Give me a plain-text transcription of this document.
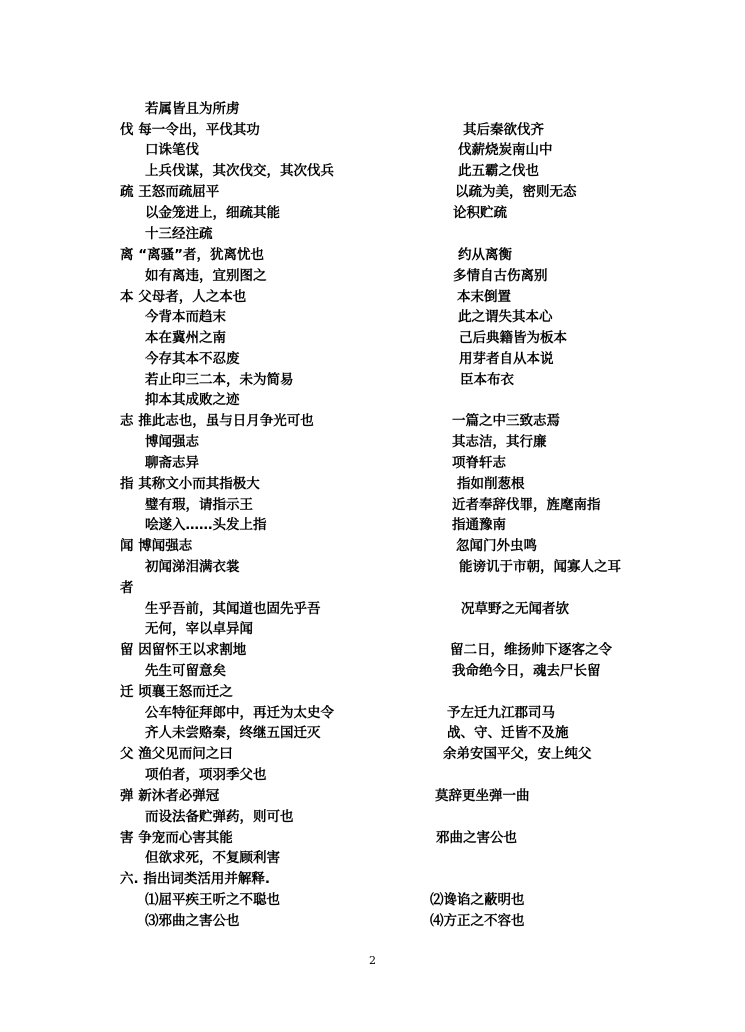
若属皆且为所虏
伐 每一令出，平伐其功	其后秦欲伐齐
口诛笔伐	伐薪烧炭南山中
上兵伐谋，其次伐交，其次伐兵	此五霸之伐也
疏 王怒而疏屈平	以疏为美，密则无态
以金笼进上，细疏其能	论积贮疏
十三经注疏
离 “离骚”者，犹离忧也	约从离衡
如有离违，宜别图之	多情自古伤离别
本 父母者，人之本也	本末倒置
今背本而趋末	此之谓失其本心
本在冀州之南	己后典籍皆为板本
今存其本不忍废	用芽者自从本说
若止印三二本，未为简易	臣本布衣
抑本其成败之迹
志 推此志也，虽与日月争光可也	一篇之中三致志焉
博闻强志	其志洁，其行廉
聊斋志异	项脊轩志
指 其称文小而其指极大	指如削葱根
璧有瑕，请指示王	近者奉辞伐罪，旌麾南指
哙遂入……头发上指	指通豫南
闻 博闻强志	忽闻门外虫鸣
初闻涕泪满衣裳	能谤讥于市朝，闻寡人之耳
者
生乎吾前，其闻道也固先乎吾	况草野之无闻者欤
无何，宰以卓异闻
留 因留怀王以求割地	留二日，维扬帅下逐客之令
先生可留意矣	我命绝今日，魂去尸长留
迁 顷襄王怒而迁之
公车特征拜郎中，再迁为太史令	予左迁九江郡司马
齐人未尝赂秦，终继五国迁灭	战、守、迁皆不及施
父 渔父见而问之曰	余弟安国平父，安上纯父
项伯者，项羽季父也
弹 新沐者必弹冠	莫辞更坐弹一曲
而设法备贮弹药，则可也
害 争宠而心害其能	邪曲之害公也
但欲求死，不复顾利害
六. 指出词类活用并解释.
⑴屈平疾王听之不聪也	⑵谗谄之蔽明也
⑶邪曲之害公也	⑷方正之不容也
2
